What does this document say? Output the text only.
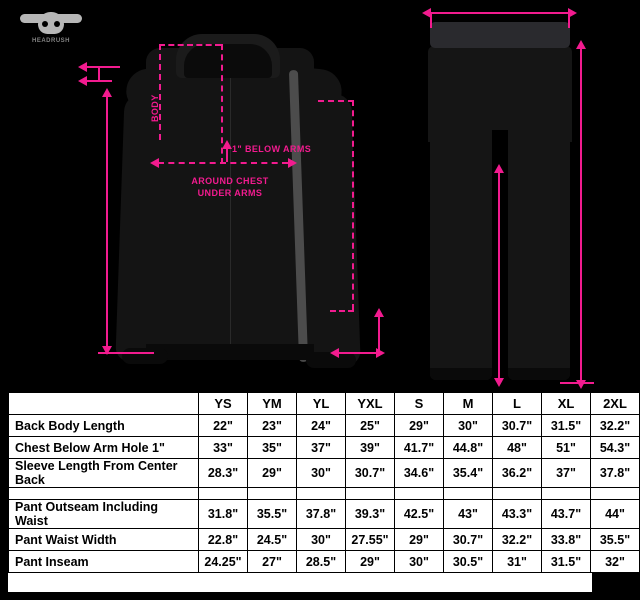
HEADRUSH
BODY
1" BELOW ARMS
AROUND CHEST
UNDER ARMS
	YS	YM	YL	YXL	S	M	L	XL	2XL
Back Body Length	22"	23"	24"	25"	29"	30"	30.7"	31.5"	32.2"
Chest Below Arm Hole 1"	33"	35"	37"	39"	41.7"	44.8"	48"	51"	54.3"
Sleeve Length From Center Back	28.3"	29"	30"	30.7"	34.6"	35.4"	36.2"	37"	37.8"

Pant Outseam Including Waist	31.8"	35.5"	37.8"	39.3"	42.5"	43"	43.3"	43.7"	44"
Pant Waist Width	22.8"	24.5"	30"	27.55"	29"	30.7"	32.2"	33.8"	35.5"
Pant Inseam	24.25"	27"	28.5"	29"	30"	30.5"	31"	31.5"	32"
